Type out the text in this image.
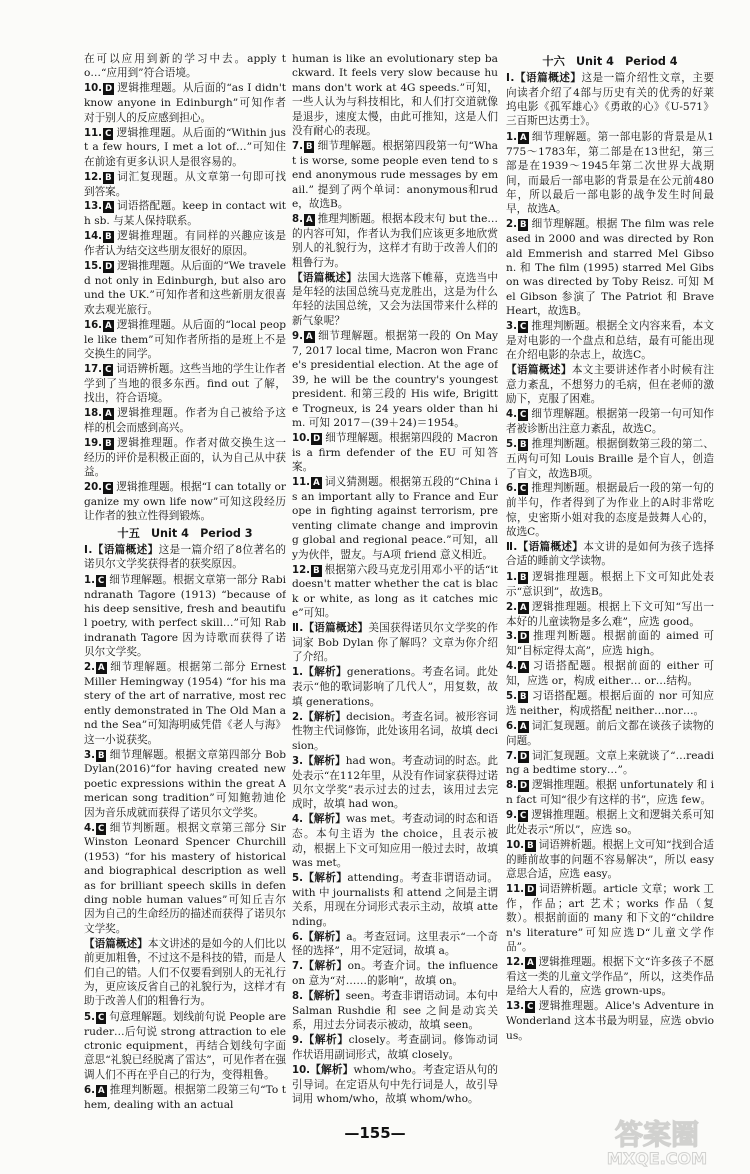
在可以应用到新的学习中去。apply to…“应用到”符合语境。
10. D 逻辑推理题。从后面的“as I didn't know anyone in Edinburgh”可知作者对于别人的反应感到担心。
11. C 逻辑推理题。从后面的“Within just a few hours, I met a lot of…”可知住在前途有更多认识人是很容易的。
12. B 词汇复现题。从文章第一句即可找到答案。
13. A 词语搭配题。keep in contact with sb. 与某人保持联系。
14. B 逻辑推理题。有同样的兴趣应该是作者认为结交这些朋友很好的原因。
15. D 逻辑推理题。从后面的“We traveled not only in Edinburgh, but also around the UK.”可知作者和这些新朋友很喜欢去观光旅行。
16. A 逻辑推理题。从后面的“local people like them”可知作者所指的是班上不是交换生的同学。
17. C 词语辨析题。这些当地的学生让作者学到了当地的很多东西。find out 了解，找出，符合语境。
18. A 逻辑推理题。作者为自己被给予这样的机会而感到高兴。
19. B 逻辑推理题。作者对做交换生这一经历的评价是积极正面的，认为自己从中获益。
20. C 逻辑推理题。根据“I can totally organize my own life now”可知这段经历让作者的独立性得到锻炼。
十五　Unit 4　Period 3
Ⅰ.【语篇概述】这是一篇介绍了8位著名的诺贝尔文学奖获得者的获奖原因。
1. C 细节理解题。根据文章第一部分 Rabindranath Tagore (1913) “because of his deep sensitive, fresh and beautiful poetry, with perfect skill…”可知 Rabindranath Tagore 因为诗歌而获得了诺贝尔文学奖。
2. A 细节理解题。根据第二部分 Ernest Miller Hemingway (1954) “for his mastery of the art of narrative, most recently demonstrated in The Old Man and the Sea”可知海明威凭借《老人与海》这一小说获奖。
3. B 细节理解题。根据文章第四部分 Bob Dylan(2016)“for having created new poetic expressions within the great American song tradition”可知鲍勃迪伦因为音乐成就而获得了诺贝尔文学奖。
4. C 细节判断题。根据文章第三部分 Sir Winston Leonard Spencer Churchill (1953) “for his mastery of historical and biographical description as well as for brilliant speech skills in defending noble human values”可知丘吉尔因为自己的生命经历的描述而获得了诺贝尔文学奖。
【语篇概述】本文讲述的是如今的人们比以前更加粗鲁，不过这不是科技的错，而是人们自己的错。人们不仅要看到别人的无礼行为，更应该反省自己的礼貌行为，这样才有助于改善人们的粗鲁行为。
5. C 句意理解题。划线前句说 People are ruder…后句说 strong attraction to electronic equipment，再结合划线句字面意思“礼貌已经脱离了雷达”，可见作者在强调人们不再在乎自己的行为，变得粗鲁。
6. A 推理判断题。根据第二段第三句“To them, dealing with an actual
human is like an evolutionary step backward. It feels very slow because humans don't work at 4G speeds.”可知，一些人认为与科技相比，和人们打交道就像是退步，速度太慢，由此可推知，这是人们没有耐心的表现。
7. B 细节理解题。根据第四段第一句“What is worse, some people even tend to send anonymous rude messages by email.” 提到了两个单词：anonymous和rude，故选B。
8. A 推理判断题。根据本段末句 but the…的内容可知，作者认为我们应该更多地欣赏别人的礼貌行为，这样才有助于改善人们的粗鲁行为。
【语篇概述】法国大选落下帷幕，克选当中是年轻的法国总统马克龙胜出，这是为什么年轻的法国总统，又会为法国带来什么样的新气象呢？
9. A 细节理解题。根据第一段的 On May 7, 2017 local time, Macron won France's presidential election. At the age of 39, he will be the country's youngest president. 和第三段的 His wife, Brigitte Trogneux, is 24 years older than him. 可知 2017－(39＋24)＝1954。
10. D 细节理解题。根据第四段的 Macron is a firm defender of the EU 可知答案。
11. A 词义猜测题。根据第五段的“China is an important ally to France and Europe in fighting against terrorism, preventing climate change and improving global and regional peace.”可知，ally为伙伴，盟友。与A项 friend 意义相近。
12. B 根据第六段马克龙引用邓小平的话“it doesn't matter whether the cat is black or white, as long as it catches mice”可知。
Ⅱ.【语篇概述】美国获得诺贝尔文学奖的作词家 Bob Dylan 你了解吗？文章为你介绍了介绍。
1.【解析】generations。考查名词。此处表示“他的歌词影响了几代人”，用复数，故填 generations。
2.【解析】decision。考查名词。被形容词性物主代词修饰，此处该用名词，故填 decision。
3.【解析】had won。考查动词的时态。此处表示“在112年里，从没有作词家获得过诺贝尔文学奖”表示过去的过去，该用过去完成时，故填 had won。
4.【解析】was met。考查动词的时态和语态。本句主语为 the choice，且表示被动，根据上下文可知应用一般过去时，故填 was met。
5.【解析】attending。考查非谓语动词。with 中 journalists 和 attend 之间是主谓关系，用现在分词形式表示主动，故填 attending。
6.【解析】a。考查冠词。这里表示“一个奇怪的选择”，用不定冠词，故填 a。
7.【解析】on。考查介词。the influence on 意为“对……的影响”，故填 on。
8.【解析】seen。考查非谓语动词。本句中 Salman Rushdie 和 see 之间是动宾关系，用过去分词表示被动，故填 seen。
9.【解析】closely。考查副词。修饰动词作状语用副词形式，故填 closely。
10.【解析】whom/who。考查定语从句的引导词。在定语从句中先行词是人，故引导词用 whom/who，故填 whom/who。
十六　Unit 4　Period 4
Ⅰ.【语篇概述】这是一篇介绍性文章，主要向读者介绍了4部与历史有关的优秀的好莱坞电影《孤军雄心》《勇敢的心》《U-571》三百斯巴达勇士》。
1. A 细节理解题。第一部电影的背景是从1775～1783年，第二部是在13世纪，第三部是在1939～1945年第二次世界大战期间，而最后一部电影的背景是在公元前480年，所以最后一部电影的战争发生时间最早，故选A。
2. B 细节理解题。根据 The film was released in 2000 and was directed by Ronald Emmerish and starred Mel Gibson. 和 The film (1995) starred Mel Gibson was directed by Toby Reisz. 可知 Mel Gibson 参演了 The Patriot 和 Brave Heart，故选B。
3. C 推理判断题。根据全文内容来看，本文是对电影的一个盘点和总结，最有可能出现在介绍电影的杂志上，故选C。
【语篇概述】本文主要讲述作者小时候有注意力紊乱，不想努力的毛病，但在老师的激励下，克服了困难。
4. C 细节理解题。根据第一段第一句可知作者被诊断出注意力紊乱，故选C。
5. B 推理判断题。根据倒数第三段的第二、五两句可知 Louis Braille 是个盲人，创造了盲文，故选B项。
6. C 推理判断题。根据最后一段的第一句的前半句，作者得到了为作业上的A时非常吃惊，史密斯小姐对我的态度是鼓舞人心的，故选C。
Ⅱ.【语篇概述】本文讲的是如何为孩子选择合适的睡前文学读物。
1. B 逻辑推理题。根据上下文可知此处表示“意识到”，故选B。
2. A 逻辑推理题。根据上下文可知“写出一本好的儿童读物是多么难”，应选 good。
3. D 推理判断题。根据前面的 aimed 可知“目标定得太高”，应选 high。
4. A 习语搭配题。根据前面的 either 可知，应选 or，构成 either… or…结构。
5. B 习语搭配题。根据后面的 nor 可知应选 neither，构成搭配 neither…nor…。
6. A 词汇复现题。前后文都在谈孩子读物的问题。
7. D 词汇复现题。文章上来就谈了“…reading a bedtime story…”。
8. D 逻辑推理题。根据 unfortunately 和 in fact 可知“很少有这样的书”，应选 few。
9. C 逻辑推理题。根据上文和逻辑关系可知此处表示“所以”，应选 so。
10. B 词语辨析题。根据上文可知“找到合适的睡前故事的问题不容易解决”，所以 easy 意思合适，应选 easy。
11. D 词语辨析题。article 文章；work 工作，作品；art 艺术；works 作品（复数）。根据前面的 many 和下文的“children's literature”可知应选D“儿童文学作品”。
12. A 逻辑推理题。根据下文“许多孩子不愿看这一类的儿童文学作品”，所以，这类作品是给大人看的，应选 grown-ups。
13. C 逻辑推理题。Alice's Adventure in Wonderland 这本书最为明显，应选 obvious。
—155—	答案圈
MXQE.COM
